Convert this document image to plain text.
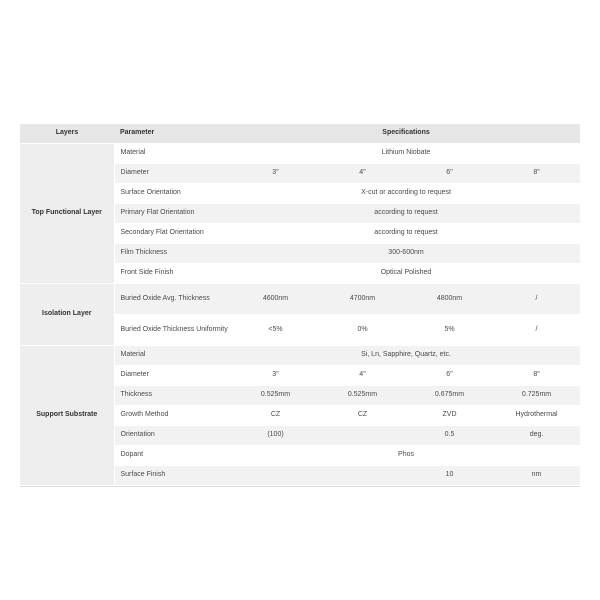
Layers	Parameter	Specifications			
Top Functional Layer	Material	Lithium Niobate			
	Diameter	3"	4"	6"	8"
	Surface Orientation	X-cut or according to request			
	Primary Flat Orientation	according to request			
	Secondary Flat Orientation	according to request			
	Film Thickness	300-600nm			
	Front Side Finish	Optical Polished			
Isolation Layer	Buried Oxide Avg. Thickness	4600nm	4700nm	4800nm	/
	Buried Oxide Thickness Uniformity	<5%	0%	5%	/
Support Substrate	Material	Si, Ln, Sapphire, Quartz, etc.			
	Diameter	3"	4"	6"	8"
	Thickness	0.525mm	0.525mm	0.675mm	0.725mm
	Growth Method	CZ	CZ	ZVD	Hydrothermal
	Orientation	(100)		0.5	deg.
	Dopant	Phos			
	Surface Finish			10	nm
